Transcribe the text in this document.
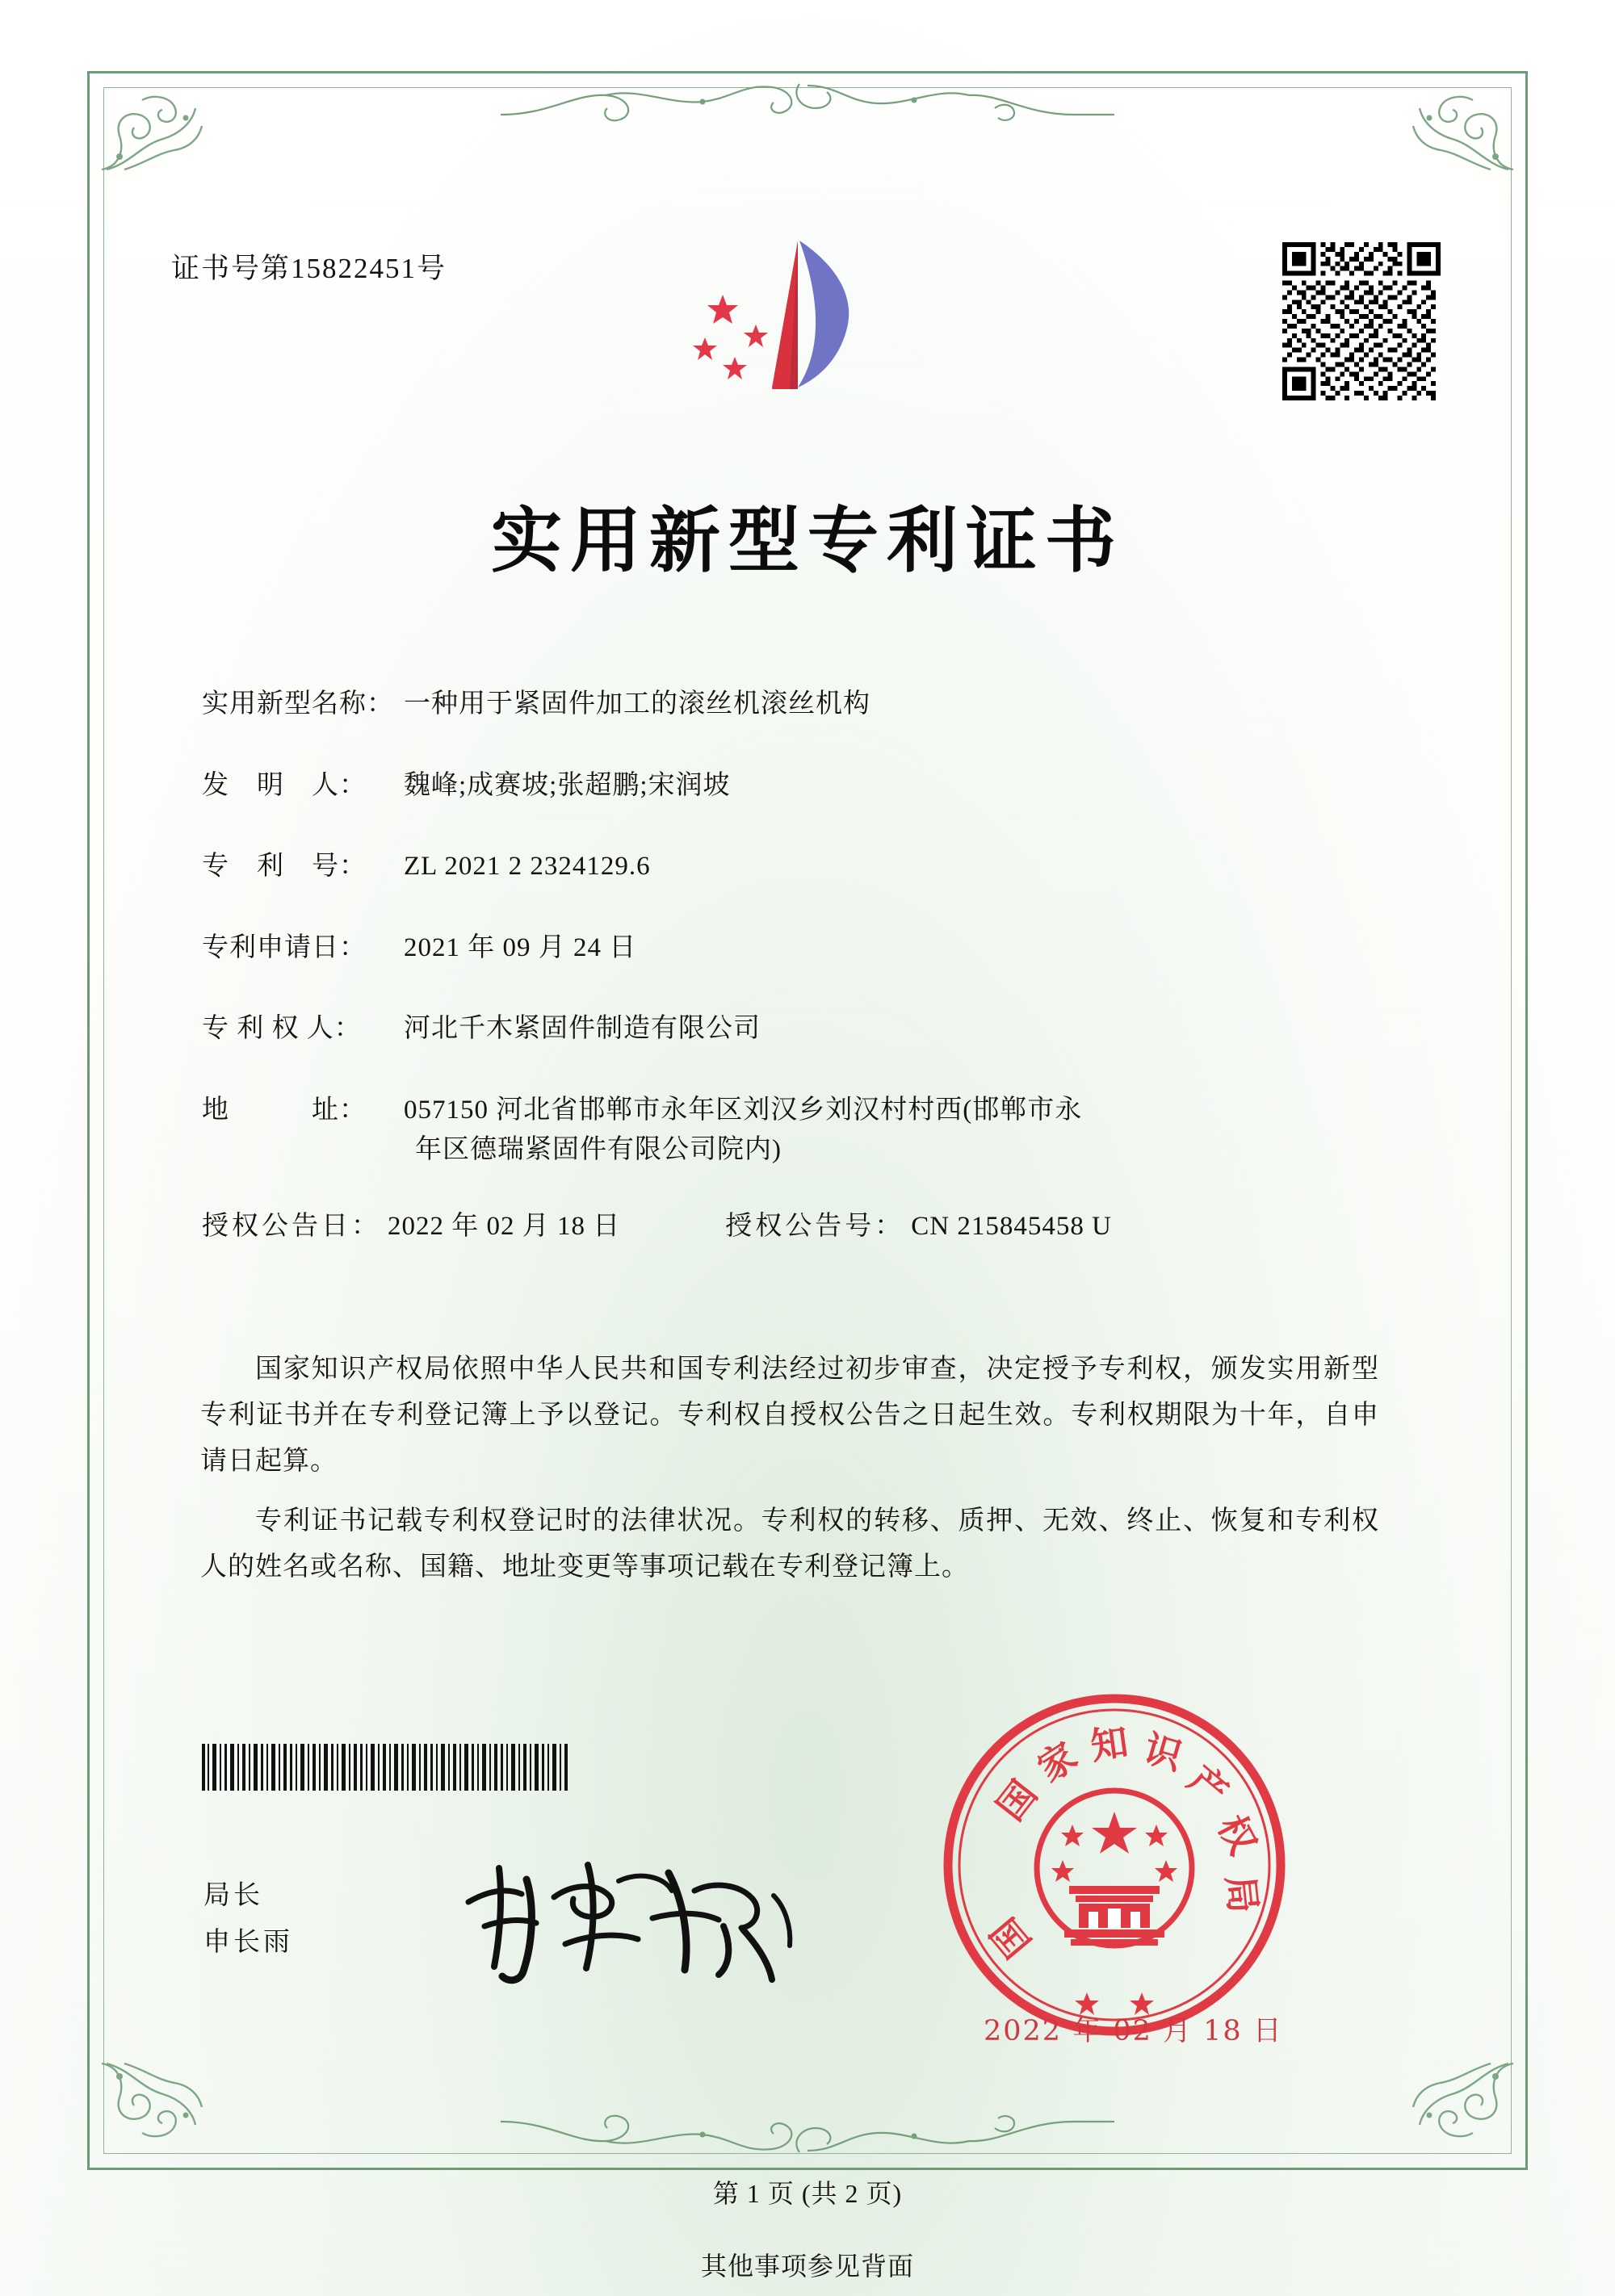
证书号第15822451号
实用新型专利证书
实用新型名称： 一种用于紧固件加工的滚丝机滚丝机构
发　明　人：	魏峰;成赛坡;张超鹏;宋润坡
专　利　号：	ZL 2021 2 2324129.6
专利申请日：	2021 年 09 月 24 日
专 利 权 人：	河北千木紧固件制造有限公司
地　　　址：	057150 河北省邯郸市永年区刘汉乡刘汉村村西(邯郸市永
年区德瑞紧固件有限公司院内)
授权公告日： 2022 年 02 月 18 日	授权公告号： CN 215845458 U

国家知识产权局依照中华人民共和国专利法经过初步审查，决定授予专利权，颁发实用新型专利证书并在专利登记簿上予以登记。专利权自授权公告之日起生效。专利权期限为十年，自申请日起算。

专利证书记载专利权登记时的法律状况。专利权的转移、质押、无效、终止、恢复和专利权人的姓名或名称、国籍、地址变更等事项记载在专利登记簿上。

局长
申长雨
国
家 知 识
产
权
局
国
2022 年 02 月 18 日
第 1 页 (共 2 页)
其他事项参见背面
